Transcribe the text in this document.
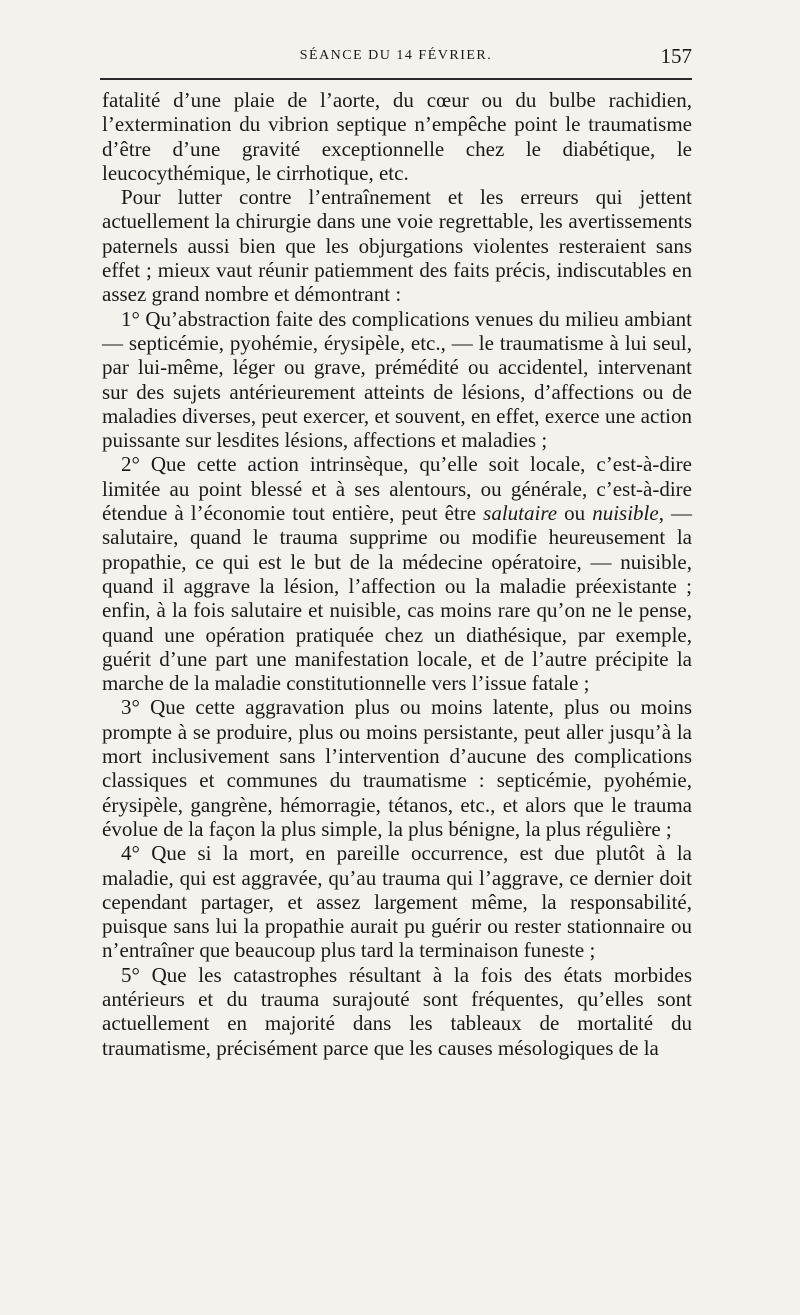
SÉANCE DU 14 FÉVRIER.	157

fatalité d’une plaie de l’aorte, du cœur ou du bulbe rachidien, l’extermination du vibrion septique n’empêche point le traumatisme d’être d’une gravité exceptionnelle chez le diabétique, le leucocythémique, le cirrhotique, etc.

Pour lutter contre l’entraînement et les erreurs qui jettent actuellement la chirurgie dans une voie regrettable, les avertissements paternels aussi bien que les objurgations violentes resteraient sans effet ; mieux vaut réunir patiemment des faits précis, indiscutables en assez grand nombre et démontrant :

1° Qu’abstraction faite des complications venues du milieu ambiant — septicémie, pyohémie, érysipèle, etc., — le traumatisme à lui seul, par lui-même, léger ou grave, prémédité ou accidentel, intervenant sur des sujets antérieurement atteints de lésions, d’affections ou de maladies diverses, peut exercer, et souvent, en effet, exerce une action puissante sur lesdites lésions, affections et maladies ;

2° Que cette action intrinsèque, qu’elle soit locale, c’est-à-dire limitée au point blessé et à ses alentours, ou générale, c’est-à-dire étendue à l’économie tout entière, peut être salutaire ou nuisible, — salutaire, quand le trauma supprime ou modifie heureusement la propathie, ce qui est le but de la médecine opératoire, — nuisible, quand il aggrave la lésion, l’affection ou la maladie préexistante ; enfin, à la fois salutaire et nuisible, cas moins rare qu’on ne le pense, quand une opération pratiquée chez un diathésique, par exemple, guérit d’une part une manifestation locale, et de l’autre précipite la marche de la maladie constitutionnelle vers l’issue fatale ;

3° Que cette aggravation plus ou moins latente, plus ou moins prompte à se produire, plus ou moins persistante, peut aller jusqu’à la mort inclusivement sans l’intervention d’aucune des complications classiques et communes du traumatisme : septicémie, pyohémie, érysipèle, gangrène, hémorragie, tétanos, etc., et alors que le trauma évolue de la façon la plus simple, la plus bénigne, la plus régulière ;

4° Que si la mort, en pareille occurrence, est due plutôt à la maladie, qui est aggravée, qu’au trauma qui l’aggrave, ce dernier doit cependant partager, et assez largement même, la responsabilité, puisque sans lui la propathie aurait pu guérir ou rester stationnaire ou n’entraîner que beaucoup plus tard la terminaison funeste ;

5° Que les catastrophes résultant à la fois des états morbides antérieurs et du trauma surajouté sont fréquentes, qu’elles sont actuellement en majorité dans les tableaux de mortalité du traumatisme, précisément parce que les causes mésologiques de la
